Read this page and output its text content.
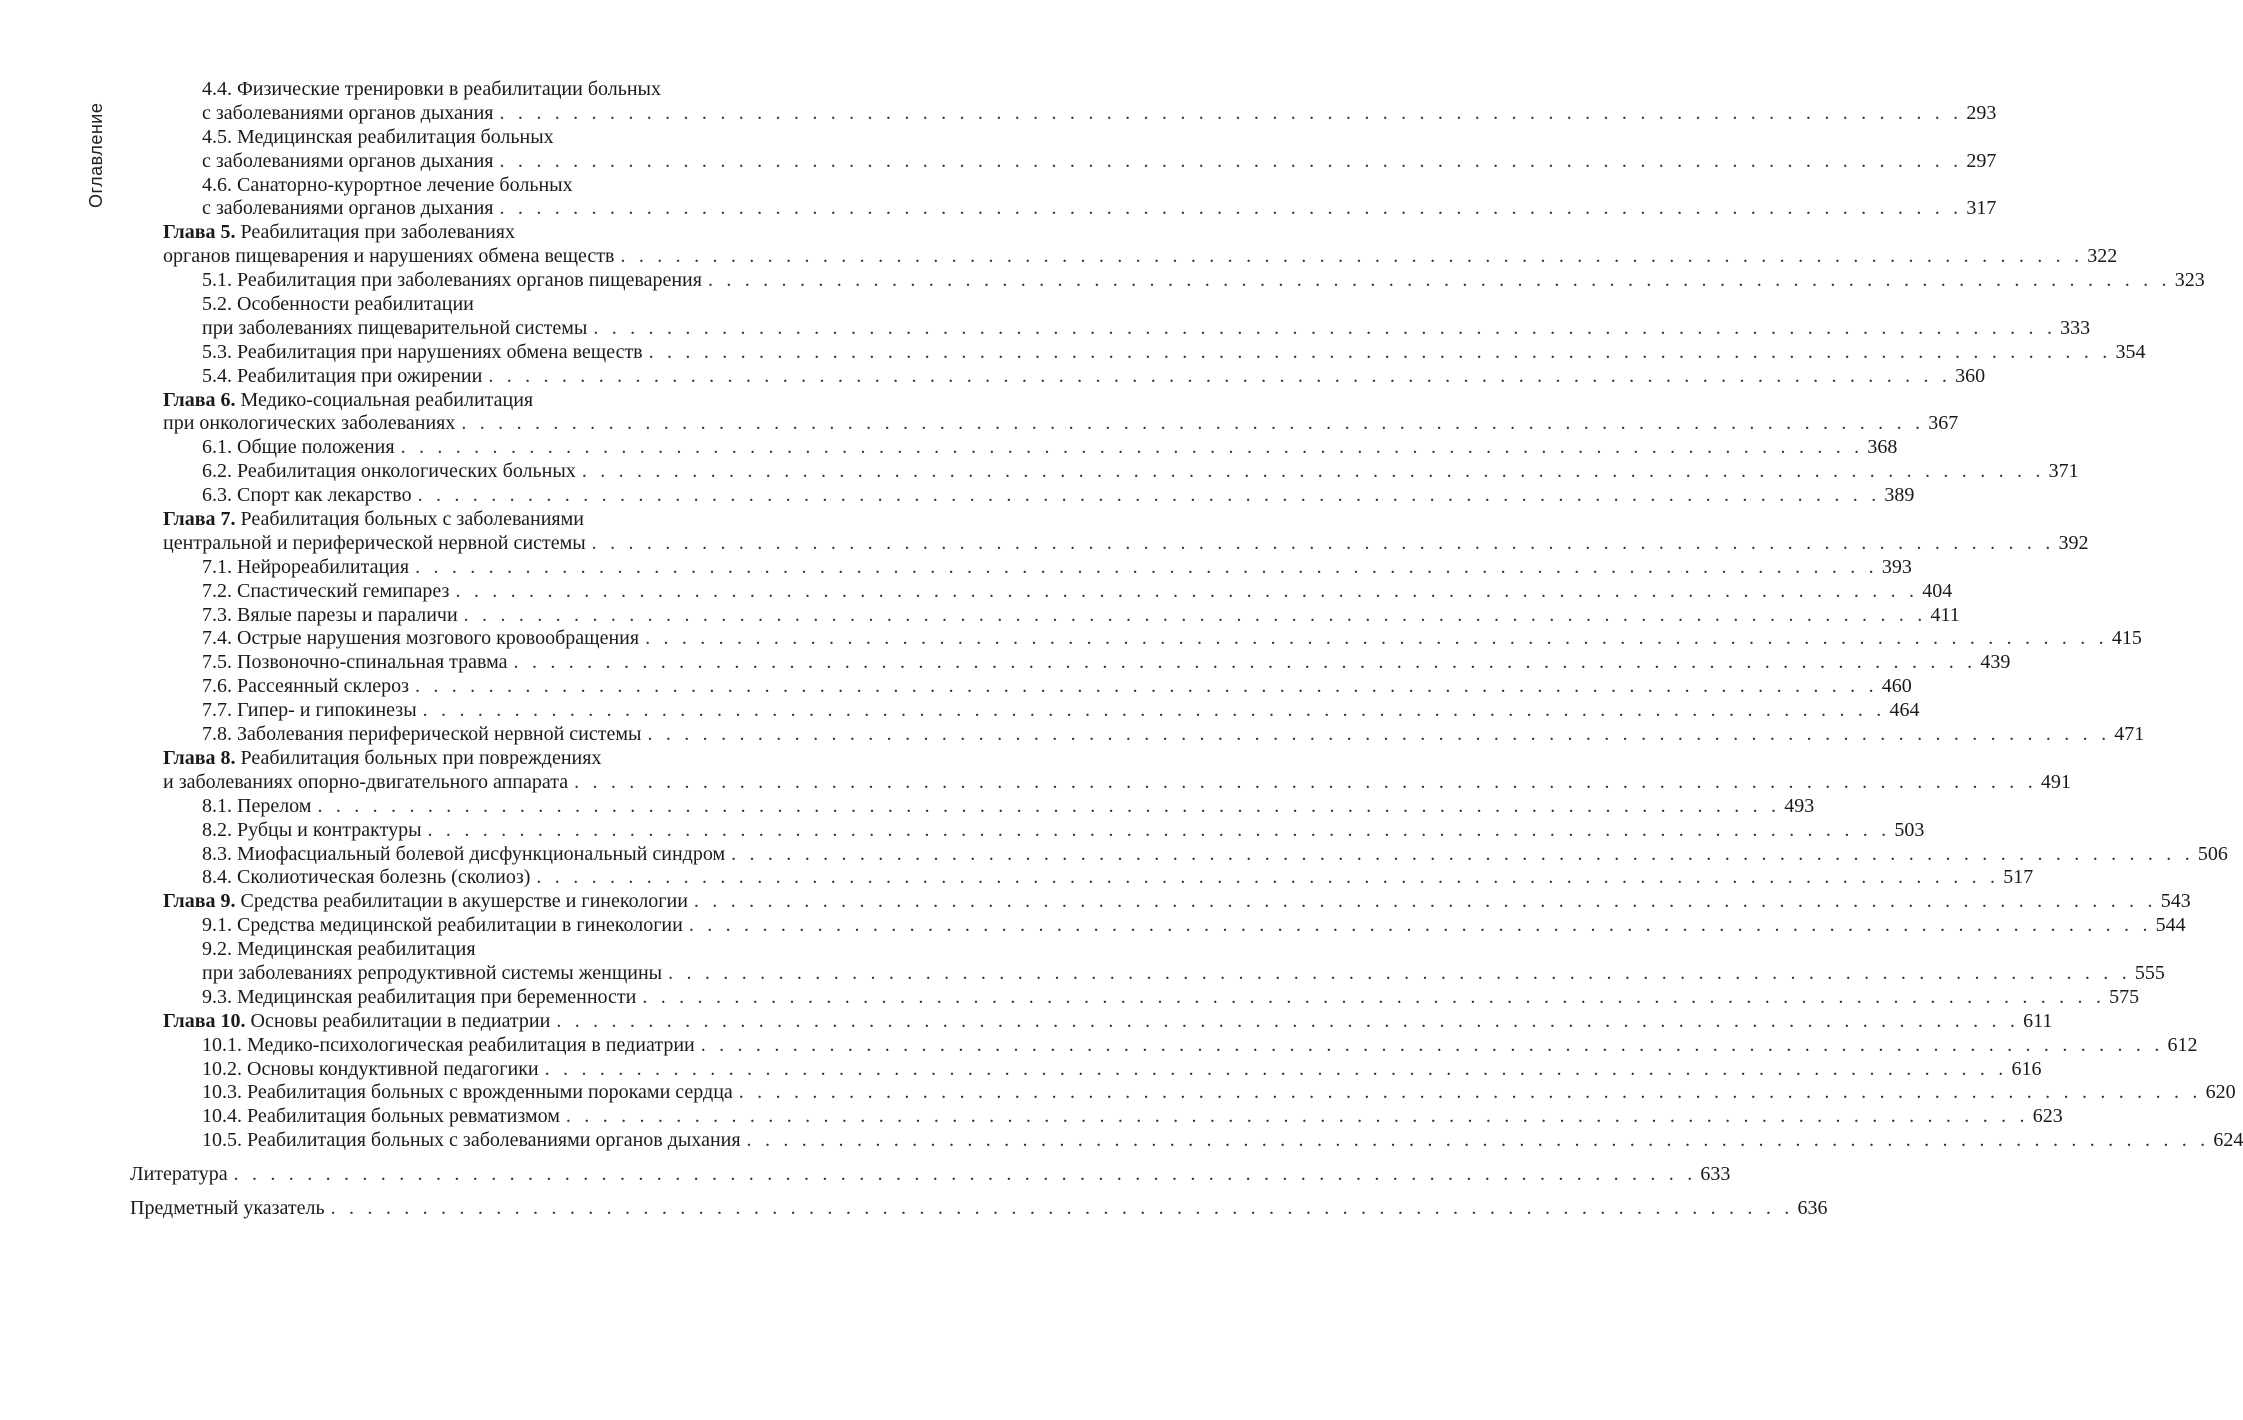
Оглавление
4.4. Физические тренировки в реабилитации больных
с заболеваниями органов дыхания . . . . . . . . . . . . . . . . . . . . . . . . . . . . . . . . . . . . . . . . . . . . . . . . . . . . . . . . . . . . . . . . . . . . . . . . . . . . . . . . 293
4.5. Медицинская реабилитация больных
с заболеваниями органов дыхания . . . . . . . . . . . . . . . . . . . . . . . . . . . . . . . . . . . . . . . . . . . . . . . . . . . . . . . . . . . . . . . . . . . . . . . . . . . . . . . . 297
4.6. Санаторно-курортное лечение больных
с заболеваниями органов дыхания . . . . . . . . . . . . . . . . . . . . . . . . . . . . . . . . . . . . . . . . . . . . . . . . . . . . . . . . . . . . . . . . . . . . . . . . . . . . . . . . 317
Глава 5. Реабилитация при заболеваниях
органов пищеварения и нарушениях обмена веществ . . . . . . . . . . . . . . . . . . . . . . . . . . . . . . . . . . . . . . . . . . . . . . . . . . . . . . . . . . . . . . . . . . . . . . . . . . . . . . . . 322
5.1. Реабилитация при заболеваниях органов пищеварения . . . . . . . . . . . . . . . . . . . . . . . . . . . . . . . . . . . . . . . . . . . . . . . . . . . . . . . . . . . . . . . . . . . . . . . . . . . . . . . . 323
5.2. Особенности реабилитации
при заболеваниях пищеварительной системы . . . . . . . . . . . . . . . . . . . . . . . . . . . . . . . . . . . . . . . . . . . . . . . . . . . . . . . . . . . . . . . . . . . . . . . . . . . . . . . . 333
5.3. Реабилитация при нарушениях обмена веществ . . . . . . . . . . . . . . . . . . . . . . . . . . . . . . . . . . . . . . . . . . . . . . . . . . . . . . . . . . . . . . . . . . . . . . . . . . . . . . . . 354
5.4. Реабилитация при ожирении . . . . . . . . . . . . . . . . . . . . . . . . . . . . . . . . . . . . . . . . . . . . . . . . . . . . . . . . . . . . . . . . . . . . . . . . . . . . . . . . 360
Глава 6. Медико-социальная реабилитация
при онкологических заболеваниях . . . . . . . . . . . . . . . . . . . . . . . . . . . . . . . . . . . . . . . . . . . . . . . . . . . . . . . . . . . . . . . . . . . . . . . . . . . . . . . . 367
6.1. Общие положения . . . . . . . . . . . . . . . . . . . . . . . . . . . . . . . . . . . . . . . . . . . . . . . . . . . . . . . . . . . . . . . . . . . . . . . . . . . . . . . . 368
6.2. Реабилитация онкологических больных . . . . . . . . . . . . . . . . . . . . . . . . . . . . . . . . . . . . . . . . . . . . . . . . . . . . . . . . . . . . . . . . . . . . . . . . . . . . . . . . 371
6.3. Спорт как лекарство . . . . . . . . . . . . . . . . . . . . . . . . . . . . . . . . . . . . . . . . . . . . . . . . . . . . . . . . . . . . . . . . . . . . . . . . . . . . . . . . 389
Глава 7. Реабилитация больных с заболеваниями
центральной и периферической нервной системы . . . . . . . . . . . . . . . . . . . . . . . . . . . . . . . . . . . . . . . . . . . . . . . . . . . . . . . . . . . . . . . . . . . . . . . . . . . . . . . . 392
7.1. Нейрореабилитация . . . . . . . . . . . . . . . . . . . . . . . . . . . . . . . . . . . . . . . . . . . . . . . . . . . . . . . . . . . . . . . . . . . . . . . . . . . . . . . . 393
7.2. Спастический гемипарез . . . . . . . . . . . . . . . . . . . . . . . . . . . . . . . . . . . . . . . . . . . . . . . . . . . . . . . . . . . . . . . . . . . . . . . . . . . . . . . . 404
7.3. Вялые парезы и параличи . . . . . . . . . . . . . . . . . . . . . . . . . . . . . . . . . . . . . . . . . . . . . . . . . . . . . . . . . . . . . . . . . . . . . . . . . . . . . . . . 411
7.4. Острые нарушения мозгового кровообращения . . . . . . . . . . . . . . . . . . . . . . . . . . . . . . . . . . . . . . . . . . . . . . . . . . . . . . . . . . . . . . . . . . . . . . . . . . . . . . . . 415
7.5. Позвоночно-спинальная травма . . . . . . . . . . . . . . . . . . . . . . . . . . . . . . . . . . . . . . . . . . . . . . . . . . . . . . . . . . . . . . . . . . . . . . . . . . . . . . . . 439
7.6. Рассеянный склероз . . . . . . . . . . . . . . . . . . . . . . . . . . . . . . . . . . . . . . . . . . . . . . . . . . . . . . . . . . . . . . . . . . . . . . . . . . . . . . . . 460
7.7. Гипер- и гипокинезы . . . . . . . . . . . . . . . . . . . . . . . . . . . . . . . . . . . . . . . . . . . . . . . . . . . . . . . . . . . . . . . . . . . . . . . . . . . . . . . . 464
7.8. Заболевания периферической нервной системы . . . . . . . . . . . . . . . . . . . . . . . . . . . . . . . . . . . . . . . . . . . . . . . . . . . . . . . . . . . . . . . . . . . . . . . . . . . . . . . . 471
Глава 8. Реабилитация больных при повреждениях
и заболеваниях опорно-двигательного аппарата . . . . . . . . . . . . . . . . . . . . . . . . . . . . . . . . . . . . . . . . . . . . . . . . . . . . . . . . . . . . . . . . . . . . . . . . . . . . . . . . 491
8.1. Перелом . . . . . . . . . . . . . . . . . . . . . . . . . . . . . . . . . . . . . . . . . . . . . . . . . . . . . . . . . . . . . . . . . . . . . . . . . . . . . . . . 493
8.2. Рубцы и контрактуры . . . . . . . . . . . . . . . . . . . . . . . . . . . . . . . . . . . . . . . . . . . . . . . . . . . . . . . . . . . . . . . . . . . . . . . . . . . . . . . . 503
8.3. Миофасциальный болевой дисфункциональный синдром . . . . . . . . . . . . . . . . . . . . . . . . . . . . . . . . . . . . . . . . . . . . . . . . . . . . . . . . . . . . . . . . . . . . . . . . . . . . . . . . 506
8.4. Сколиотическая болезнь (сколиоз) . . . . . . . . . . . . . . . . . . . . . . . . . . . . . . . . . . . . . . . . . . . . . . . . . . . . . . . . . . . . . . . . . . . . . . . . . . . . . . . . 517
Глава 9. Средства реабилитации в акушерстве и гинекологии . . . . . . . . . . . . . . . . . . . . . . . . . . . . . . . . . . . . . . . . . . . . . . . . . . . . . . . . . . . . . . . . . . . . . . . . . . . . . . . . 543
9.1. Средства медицинской реабилитации в гинекологии . . . . . . . . . . . . . . . . . . . . . . . . . . . . . . . . . . . . . . . . . . . . . . . . . . . . . . . . . . . . . . . . . . . . . . . . . . . . . . . . 544
9.2. Медицинская реабилитация
при заболеваниях репродуктивной системы женщины . . . . . . . . . . . . . . . . . . . . . . . . . . . . . . . . . . . . . . . . . . . . . . . . . . . . . . . . . . . . . . . . . . . . . . . . . . . . . . . . 555
9.3. Медицинская реабилитация при беременности . . . . . . . . . . . . . . . . . . . . . . . . . . . . . . . . . . . . . . . . . . . . . . . . . . . . . . . . . . . . . . . . . . . . . . . . . . . . . . . . 575
Глава 10. Основы реабилитации в педиатрии . . . . . . . . . . . . . . . . . . . . . . . . . . . . . . . . . . . . . . . . . . . . . . . . . . . . . . . . . . . . . . . . . . . . . . . . . . . . . . . . 611
10.1. Медико-психологическая реабилитация в педиатрии . . . . . . . . . . . . . . . . . . . . . . . . . . . . . . . . . . . . . . . . . . . . . . . . . . . . . . . . . . . . . . . . . . . . . . . . . . . . . . . . 612
10.2. Основы кондуктивной педагогики . . . . . . . . . . . . . . . . . . . . . . . . . . . . . . . . . . . . . . . . . . . . . . . . . . . . . . . . . . . . . . . . . . . . . . . . . . . . . . . . 616
10.3. Реабилитация больных с врожденными пороками сердца . . . . . . . . . . . . . . . . . . . . . . . . . . . . . . . . . . . . . . . . . . . . . . . . . . . . . . . . . . . . . . . . . . . . . . . . . . . . . . . . 620
10.4. Реабилитация больных ревматизмом . . . . . . . . . . . . . . . . . . . . . . . . . . . . . . . . . . . . . . . . . . . . . . . . . . . . . . . . . . . . . . . . . . . . . . . . . . . . . . . . 623
10.5. Реабилитация больных с заболеваниями органов дыхания . . . . . . . . . . . . . . . . . . . . . . . . . . . . . . . . . . . . . . . . . . . . . . . . . . . . . . . . . . . . . . . . . . . . . . . . . . . . . . . . 624
Литература . . . . . . . . . . . . . . . . . . . . . . . . . . . . . . . . . . . . . . . . . . . . . . . . . . . . . . . . . . . . . . . . . . . . . . . . . . . . . . . . 633
Предметный указатель . . . . . . . . . . . . . . . . . . . . . . . . . . . . . . . . . . . . . . . . . . . . . . . . . . . . . . . . . . . . . . . . . . . . . . . . . . . . . . . . 636
